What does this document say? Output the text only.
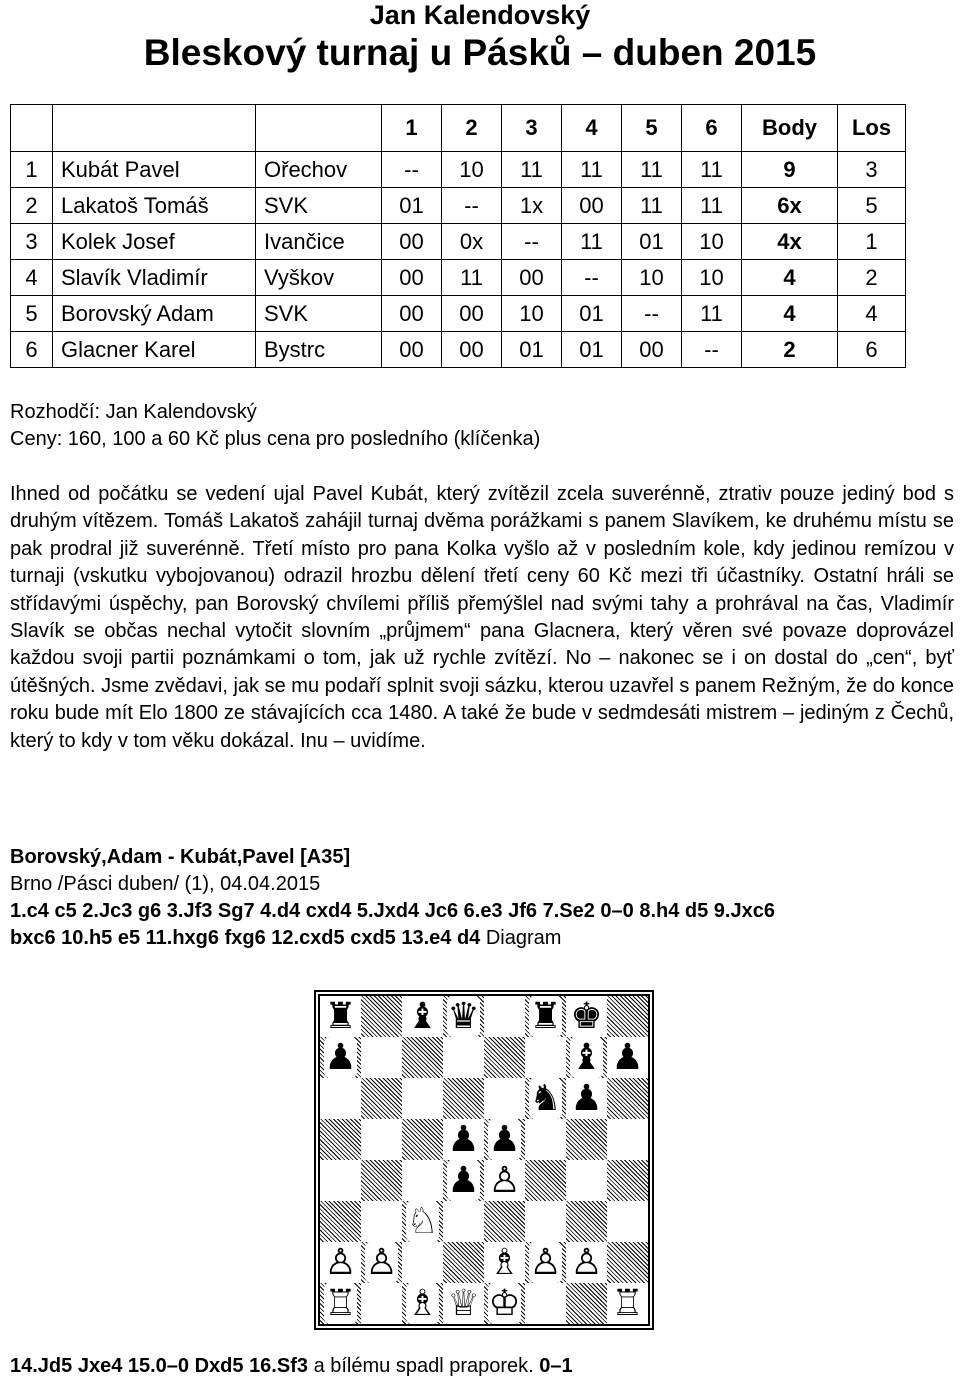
Jan Kalendovský
Bleskový turnaj u Pásků – duben 2015
			1	2	3	4	5	6	Body	Los
1	Kubát Pavel	Ořechov	--	10	11	11	11	11	9	3
2	Lakatoš Tomáš	SVK	01	--	1x	00	11	11	6x	5
3	Kolek Josef	Ivančice	00	0x	--	11	01	10	4x	1
4	Slavík Vladimír	Vyškov	00	11	00	--	10	10	4	2
5	Borovský Adam	SVK	00	00	10	01	--	11	4	4
6	Glacner Karel	Bystrc	00	00	01	01	00	--	2	6
Rozhodčí: Jan Kalendovský
Ceny: 160, 100 a 60 Kč plus cena pro posledního (klíčenka)
Ihned od počátku se vedení ujal Pavel Kubát, který zvítězil zcela suverénně, ztrativ pouze jediný bod s druhým vítězem. Tomáš Lakatoš zahájil turnaj dvěma porážkami s panem Slavíkem, ke druhému místu se pak prodral již suverénně. Třetí místo pro pana Kolka vyšlo až v posledním kole, kdy jedinou remízou v turnaji (vskutku vybojovanou) odrazil hrozbu dělení třetí ceny 60 Kč mezi tři účastníky. Ostatní hráli se střídavými úspěchy, pan Borovský chvílemi příliš přemýšlel nad svými tahy a prohrával na čas, Vladimír Slavík se občas nechal vytočit slovním „průjmem“ pana Glacnera, který věren své povaze doprovázel každou svoji partii poznámkami o tom, jak už rychle zvítězí. No – nakonec se i on dostal do „cen“, byť útěšných. Jsme zvědavi, jak se mu podaří splnit svoji sázku, kterou uzavřel s panem Režným, že do konce roku bude mít Elo 1800 ze stávajících cca 1480. A také že bude v sedmdesáti mistrem – jediným z Čechů, který to kdy v tom věku dokázal. Inu – uvidíme.
Borovský,Adam - Kubát,Pavel [A35]
Brno /Pásci duben/ (1), 04.04.2015
1.c4 c5 2.Jc3 g6 3.Jf3 Sg7 4.d4 cxd4 5.Jxd4 Jc6 6.e3 Jf6 7.Se2 0–0 8.h4 d5 9.Jxc6
bxc6 10.h5 e5 11.hxg6 fxg6 12.cxd5 cxd5 13.e4 d4 Diagram
♜ ♝ ♛ ♜ ♚
♟	♝ ♟
♞ ♟
♟ ♟
♟ ♙
♘
♙ ♙	♗ ♙ ♙
♖ ♗ ♕ ♔	♖
14.Jd5 Jxe4 15.0–0 Dxd5 16.Sf3 a bílému spadl praporek. 0–1
